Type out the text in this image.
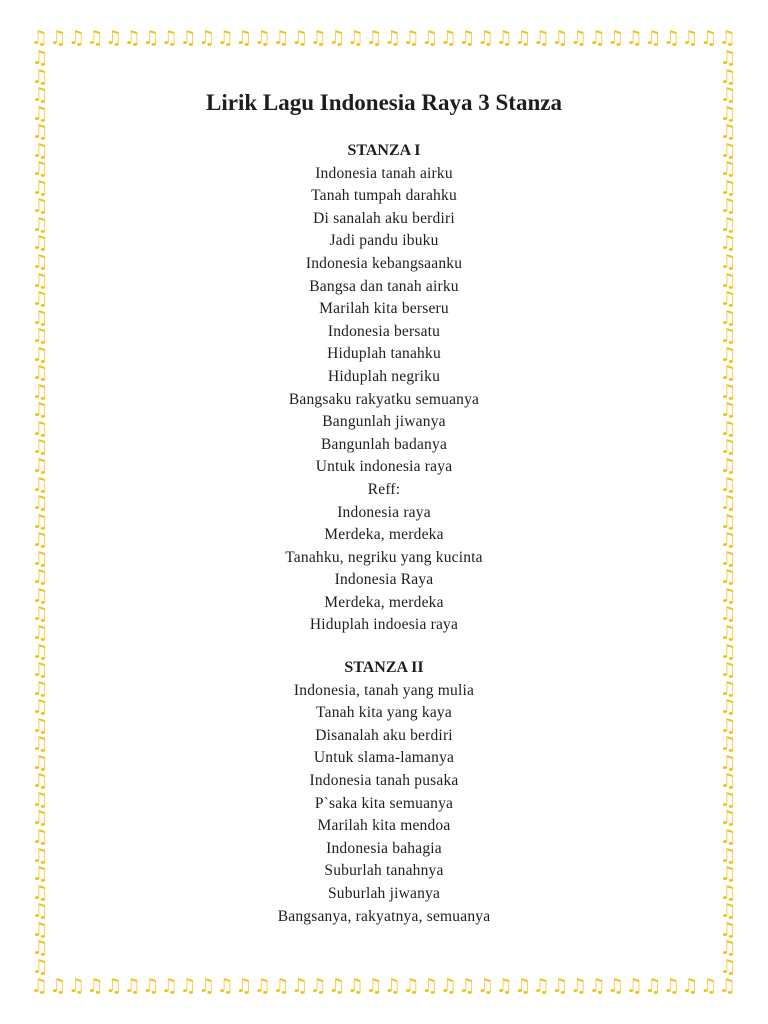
♫♫♫♫♫♫♫♫♫♫♫♫♫♫♫♫♫♫♫♫♫♫♫♫♫♫♫♫♫♫♫♫♫♫♫♫♫♫
♫♫♫♫♫♫♫♫♫♫♫♫♫♫♫♫♫♫♫♫♫♫♫♫♫♫♫♫♫♫♫♫♫♫♫♫♫♫
♫
♫
♫
♫
♫
♫
♫
♫
♫
♫
♫
♫
♫
♫
♫
♫
♫
♫
♫
♫
♫
♫
♫
♫
♫
♫
♫
♫
♫
♫
♫
♫
♫
♫
♫
♫
♫
♫
♫
♫
♫
♫
♫
♫
♫
♫
♫
♫
♫
♫
♫
♫
♫
♫
♫
♫
♫
♫
♫
♫
♫
♫
♫
♫
♫
♫
♫
♫
♫
♫
♫
♫
♫
♫
♫
♫
♫
♫
♫
♫
♫
♫
♫
♫
♫
♫
♫
♫
♫
♫
♫
♫
♫
♫
♫
♫
♫
♫
♫
♫
Lirik Lagu Indonesia Raya 3 Stanza
STANZA I
Indonesia tanah airku
Tanah tumpah darahku
Di sanalah aku berdiri
Jadi pandu ibuku
Indonesia kebangsaanku
Bangsa dan tanah airku
Marilah kita berseru
Indonesia bersatu
Hiduplah tanahku
Hiduplah negriku
Bangsaku rakyatku semuanya
Bangunlah jiwanya
Bangunlah badanya
Untuk indonesia raya
Reff:
Indonesia raya
Merdeka, merdeka
Tanahku, negriku yang kucinta
Indonesia Raya
Merdeka, merdeka
Hiduplah indoesia raya
STANZA II
Indonesia, tanah yang mulia
Tanah kita yang kaya
Disanalah aku berdiri
Untuk slama-lamanya
Indonesia tanah pusaka
P`saka kita semuanya
Marilah kita mendoa
Indonesia bahagia
Suburlah tanahnya
Suburlah jiwanya
Bangsanya, rakyatnya, semuanya
